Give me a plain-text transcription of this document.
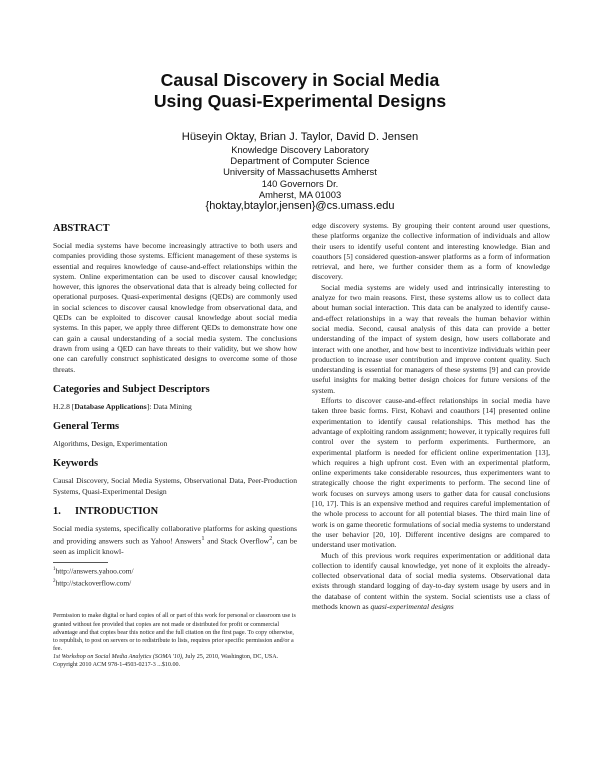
Causal Discovery in Social Media
Using Quasi-Experimental Designs
Hüseyin Oktay, Brian J. Taylor, David D. Jensen
Knowledge Discovery Laboratory
Department of Computer Science
University of Massachusetts Amherst
140 Governors Dr.
Amherst, MA 01003
{hoktay,btaylor,jensen}@cs.umass.edu
ABSTRACT

Social media systems have become increasingly attractive to both users and companies providing those systems. Efficient management of these systems is essential and requires knowledge of cause-and-effect relationships within the system. Online experimentation can be used to discover causal knowledge; however, this ignores the observational data that is already being collected for operational purposes. Quasi-experimental designs (QEDs) are commonly used in social sciences to discover causal knowledge from observational data, and QEDs can be exploited to discover causal knowledge about social media systems. In this paper, we apply three different QEDs to demonstrate how one can gain a causal understanding of a social media system. The conclusions drawn from using a QED can have threats to their validity, but we show how one can carefully construct sophisticated designs to overcome some of those threats.

Categories and Subject Descriptors

H.2.8 [Database Applications]: Data Mining

General Terms

Algorithms, Design, Experimentation

Keywords

Causal Discovery, Social Media Systems, Observational Data, Peer-Production Systems, Quasi-Experimental Design

1. INTRODUCTION

Social media systems, specifically collaborative platforms for asking questions and providing answers such as Yahoo! Answers$^1$ and Stack Overflow$^2$, can be seen as implicit knowl-

$^1$http://answers.yahoo.com/
$^2$http://stackoverflow.com/

Permission to make digital or hard copies of all or part of this work for personal or classroom use is granted without fee provided that copies are not made or distributed for profit or commercial advantage and that copies bear this notice and the full citation on the first page. To copy otherwise, to republish, to post on servers or to redistribute to lists, requires prior specific permission and/or a fee.

1st Workshop on Social Media Analytics (SOMA '10), July 25, 2010, Washington, DC, USA.

Copyright 2010 ACM 978-1-4503-0217-3 ...$10.00.

edge discovery systems. By grouping their content around user questions, these platforms organize the collective information of individuals and allow their users to identify useful content and interesting knowledge. Bian and coauthors [5] considered question-answer platforms as a form of information retrieval, and here, we further consider them as a form of knowledge discovery.

Social media systems are widely used and intrinsically interesting to analyze for two main reasons. First, these systems allow us to collect data about human social interaction. This data can be analyzed to identify cause-and-effect relationships in a way that reveals the human behavior within social media. Second, causal analysis of this data can provide a better understanding of the impact of system design, how users collaborate and interact with one another, and how best to incentivize individuals within peer production to increase user contribution and improve content quality. Such understanding is essential for managers of these systems [9] and can provide useful insights for making better design choices for future versions of the system.

Efforts to discover cause-and-effect relationships in social media have taken three basic forms. First, Kohavi and coauthors [14] presented online experimentation to identify causal relationships. This method has the advantage of exploiting random assignment; however, it typically requires full control over the system to perform experiments. Furthermore, an experimental platform is needed for efficient online experimentation [13], which requires a high upfront cost. Even with an experimental platform, online experiments take considerable resources, thus experimenters want to strategically choose the right experiments to perform. The second line of work focuses on surveys among users to gather data for causal conclusions [10, 17]. This is an expensive method and requires careful implementation of the whole process to account for all potential biases. The third main line of work is on game theoretic formulations of social media systems to understand the user behavior [20, 10]. Different incentive designs are compared to understand user motivation.

Much of this previous work requires experimentation or additional data collection to identify causal knowledge, yet none of it exploits the already-collected observational data of social media systems. Observational data exists through standard logging of day-to-day system usage by users and in the database of content within the system. Social scientists use a class of methods known as quasi-experimental designs
